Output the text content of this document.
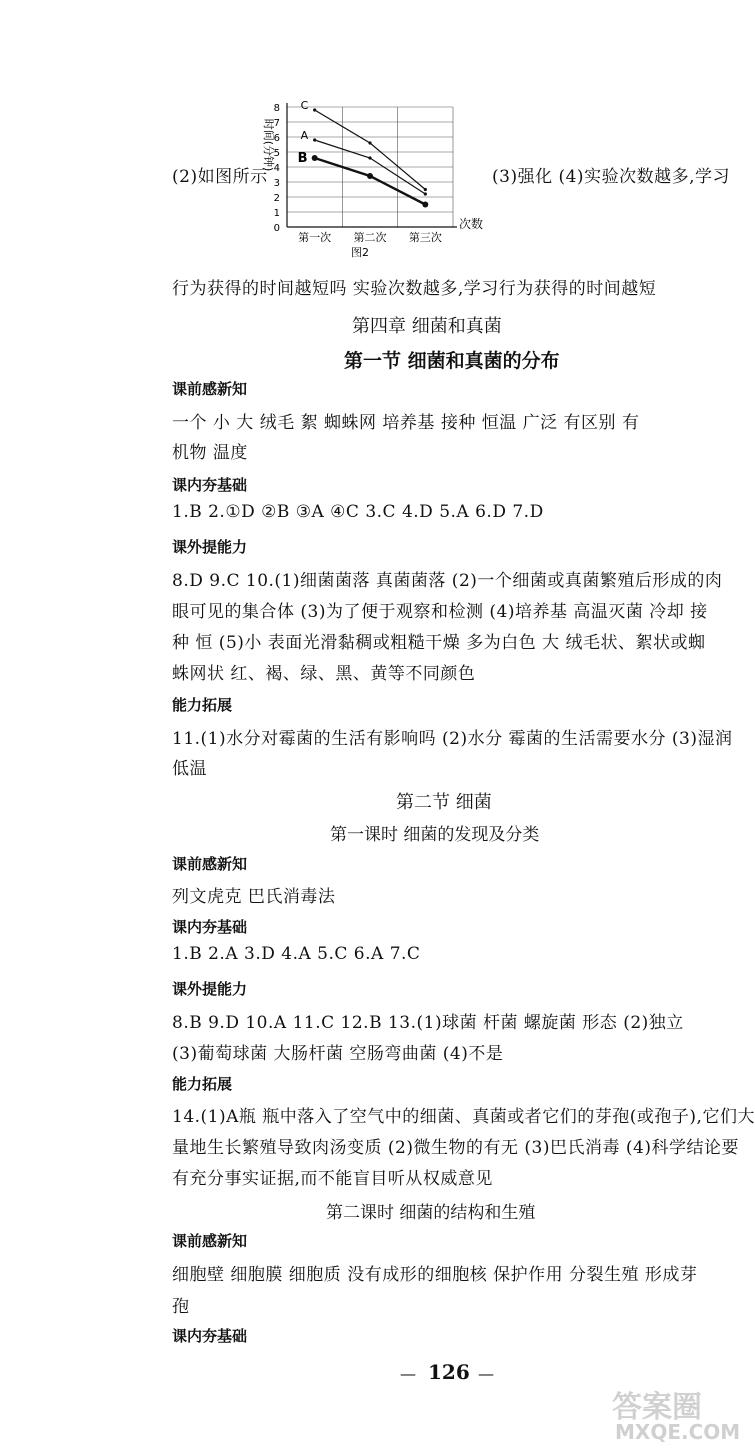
0
1
2
3
4
5
6
7
8
第一次 第二次 第三次
次数
时间(分钟)
图2
C
A
B
(2)如图所示	(3)强化 (4)实验次数越多,学习
行为获得的时间越短吗 实验次数越多,学习行为获得的时间越短
第四章 细菌和真菌
第一节 细菌和真菌的分布
课前感新知
一个 小 大 绒毛 絮 蜘蛛网 培养基 接种 恒温 广泛 有区别 有
机物 温度
课内夯基础
1.B 2.①D ②B ③A ④C 3.C 4.D 5.A 6.D 7.D
课外提能力
8.D 9.C 10.(1)细菌菌落 真菌菌落 (2)一个细菌或真菌繁殖后形成的肉
眼可见的集合体 (3)为了便于观察和检测 (4)培养基 高温灭菌 冷却 接
种 恒 (5)小 表面光滑黏稠或粗糙干燥 多为白色 大 绒毛状、絮状或蜘
蛛网状 红、褐、绿、黑、黄等不同颜色
能力拓展
11.(1)水分对霉菌的生活有影响吗 (2)水分 霉菌的生活需要水分 (3)湿润
低温
第二节 细菌
第一课时 细菌的发现及分类
课前感新知
列文虎克 巴氏消毒法
课内夯基础
1.B 2.A 3.D 4.A 5.C 6.A 7.C
课外提能力
8.B 9.D 10.A 11.C 12.B 13.(1)球菌 杆菌 螺旋菌 形态 (2)独立
(3)葡萄球菌 大肠杆菌 空肠弯曲菌 (4)不是
能力拓展
14.(1)A瓶 瓶中落入了空气中的细菌、真菌或者它们的芽孢(或孢子),它们大
量地生长繁殖导致肉汤变质 (2)微生物的有无 (3)巴氏消毒 (4)科学结论要
有充分事实证据,而不能盲目听从权威意见
第二课时 细菌的结构和生殖
课前感新知
细胞壁 细胞膜 细胞质 没有成形的细胞核 保护作用 分裂生殖 形成芽
孢
课内夯基础
— 126 —
答案圈
MXQE.COM
